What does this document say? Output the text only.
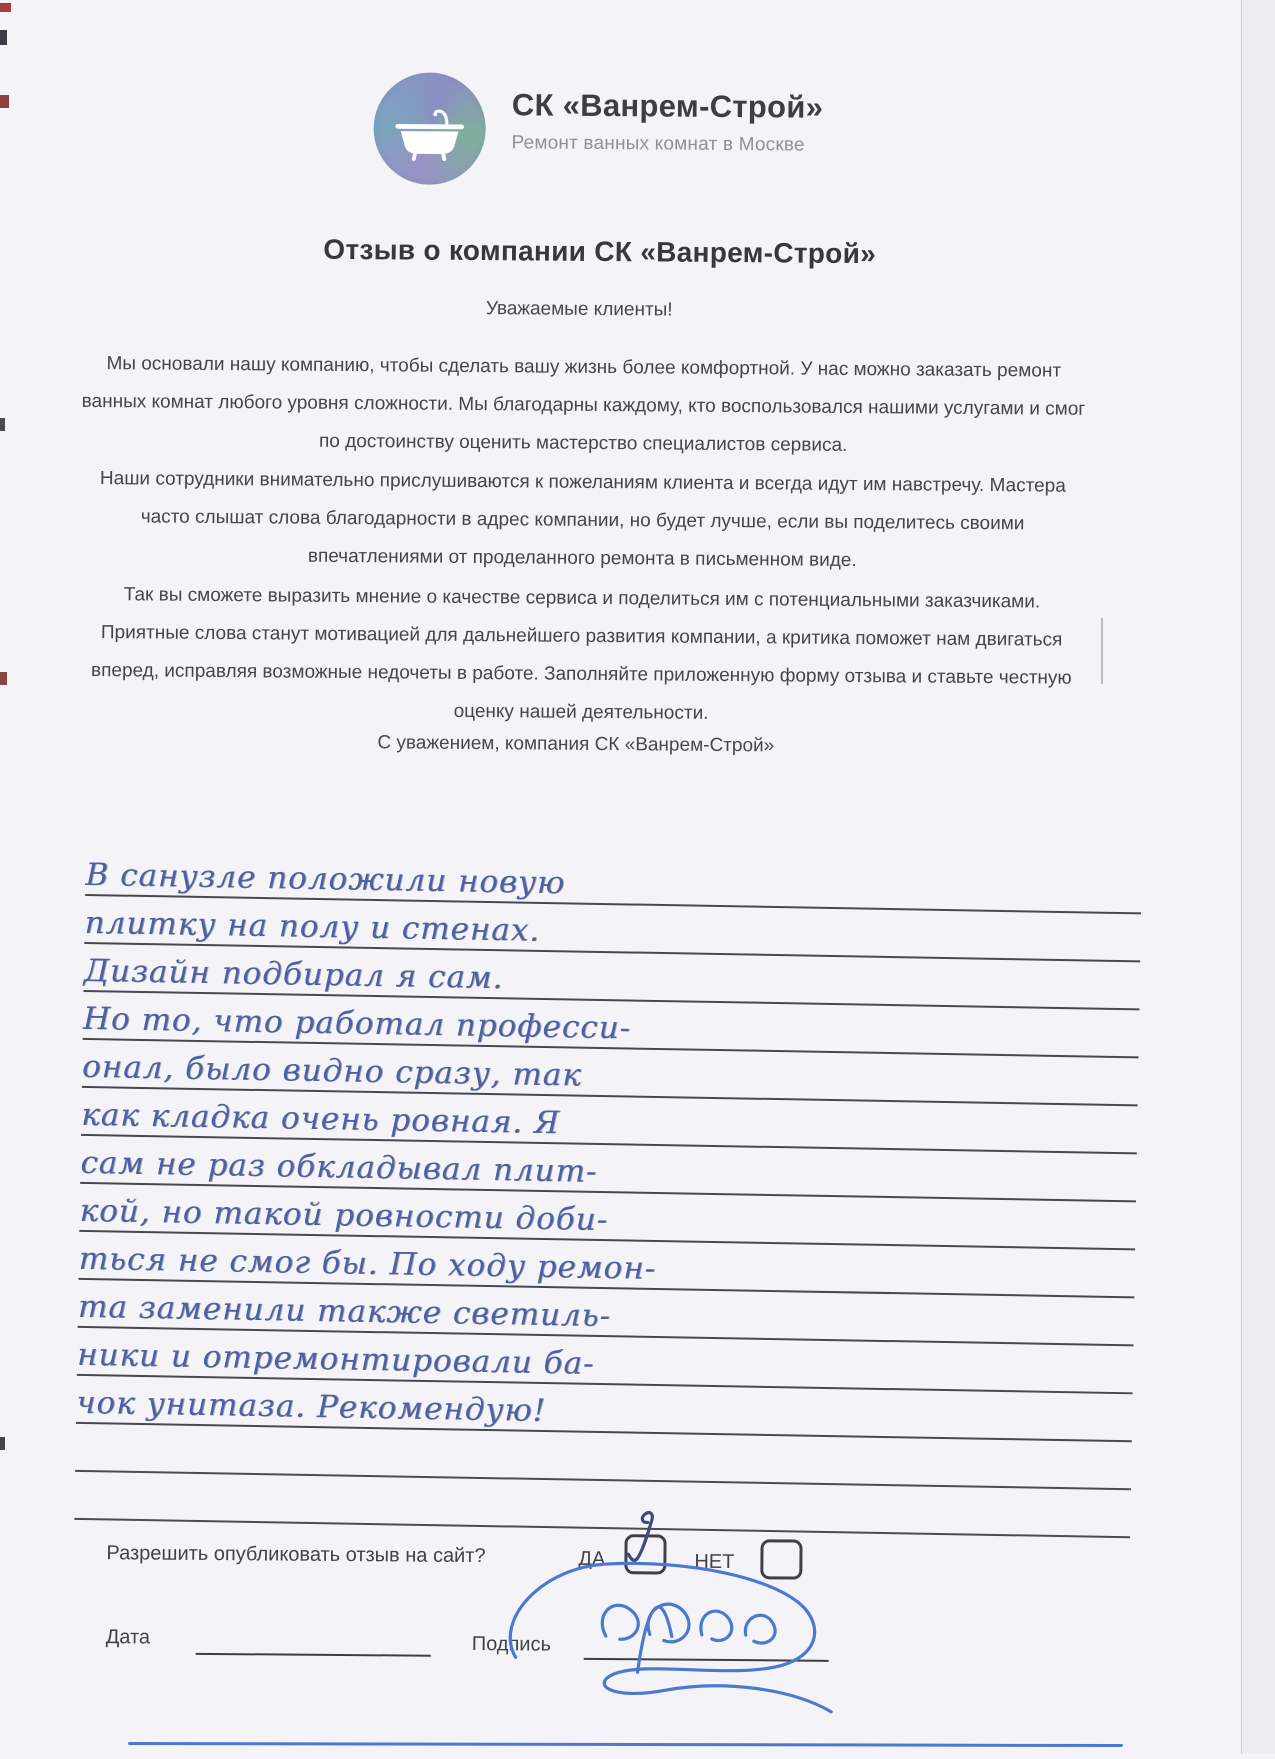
СК «Ванрем-Строй»
Ремонт ванных комнат в Москве
Отзыв о компании СК «Ванрем-Строй»
Уважаемые клиенты!

Мы основали нашу компанию, чтобы сделать вашу жизнь более комфортной. У нас можно заказать ремонт ванных комнат любого уровня сложности. Мы благодарны каждому, кто воспользовался нашими услугами и смог по достоинству оценить мастерство специалистов сервиса.

Наши сотрудники внимательно прислушиваются к пожеланиям клиента и всегда идут им навстречу. Мастера часто слышат слова благодарности в адрес компании, но будет лучше, если вы поделитесь своими впечатлениями от проделанного ремонта в письменном виде.

Так вы сможете выразить мнение о качестве сервиса и поделиться им с потенциальными заказчиками. Приятные слова станут мотивацией для дальнейшего развития компании, а критика поможет нам двигаться вперед, исправляя возможные недочеты в работе. Заполняйте приложенную форму отзыва и ставьте честную оценку нашей деятельности.

С уважением, компания СК «Ванрем-Строй»
В санузле положили новую
плитку на полу и стенах.
Дизайн подбирал я сам.
Но то, что работал професси-
онал, было видно сразу, так
как кладка очень ровная. Я
сам не раз обкладывал плит-
кой, но такой ровности доби-
ться не смог бы. По ходу ремон-
та заменили также светиль-
ники и отремонтировали ба-
чок унитаза. Рекомендую!
Разрешить опубликовать отзыв на сайт?	ДА	НЕТ
Дата	Подпись
